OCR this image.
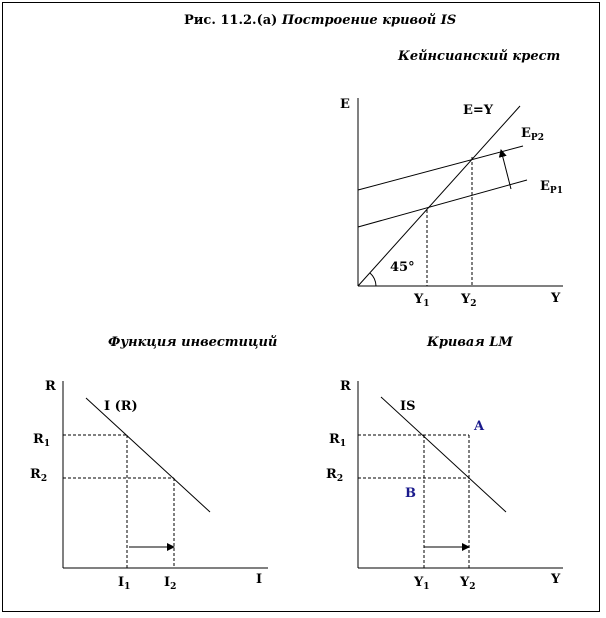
Рис. 11.2.(а) Построение кривой IS
Кейнсианский крест
E
Y
E=Y
$E_{P2}$
$E_{P1}$
45°
$Y_1$ $Y_2$
Функция инвестиций
R
I
I (R)
$R_1$
$R_2$
$I_1$	$I_2$
Кривая LM
R
Y
IS
A
B
$R_1$
$R_2$
$Y_1$ $Y_2$
